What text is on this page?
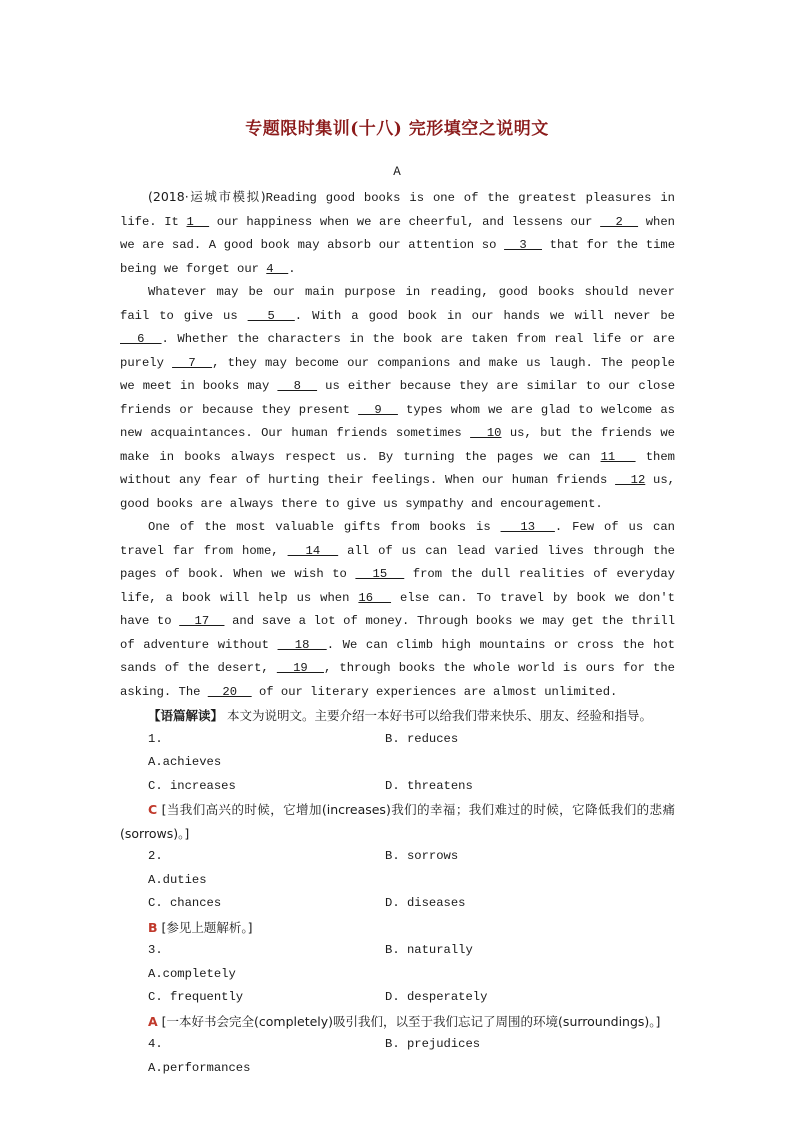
专题限时集训(十八) 完形填空之说明文
A

(2018·运城市模拟)Reading good books is one of the greatest pleasures in life. It 1   our happiness when we are cheerful, and lessens our   2   when we are sad. A good book may absorb our attention so   3   that for the time being we forget our 4  .

Whatever may be our main purpose in reading, good books should never fail to give us   5  . With a good book in our hands we will never be   6  . Whether the characters in the book are taken from real life or are purely   7  , they may become our companions and make us laugh. The people we meet in books may   8   us either because they are similar to our close friends or because they present   9   types whom we are glad to welcome as new acquaintances. Our human friends sometimes   10 us, but the friends we make in books always respect us. By turning the pages we can 11   them without any fear of hurting their feelings. When our human friends   12 us, good books are always there to give us sympathy and encouragement.

One of the most valuable gifts from books is   13  . Few of us can travel far from home,   14   all of us can lead varied lives through the pages of book. When we wish to   15   from the dull realities of everyday life, a book will help us when 16   else can. To travel by book we don't have to   17   and save a lot of money. Through books we may get the thrill of adventure without   18  . We can climb high mountains or cross the hot sands of the desert,   19  , through books the whole world is ours for the asking. The   20   of our literary experiences are almost unlimited.

【语篇解读】 本文为说明文。主要介绍一本好书可以给我们带来快乐、朋友、经验和指导。

1.
A.achieves
B. reduces
C. increases	D. threatens

C [当我们高兴的时候，它增加(increases)我们的幸福；我们难过的时候，它降低我们的悲痛(sorrows)。]

2.
A.duties
B. sorrows
C. chances	D. diseases

B [参见上题解析。]

3.
A.completely
B. naturally
C. frequently	D. desperately

A [一本好书会完全(completely)吸引我们，以至于我们忘记了周围的环境(surroundings)。]

4.
A.performances
B. prejudices
